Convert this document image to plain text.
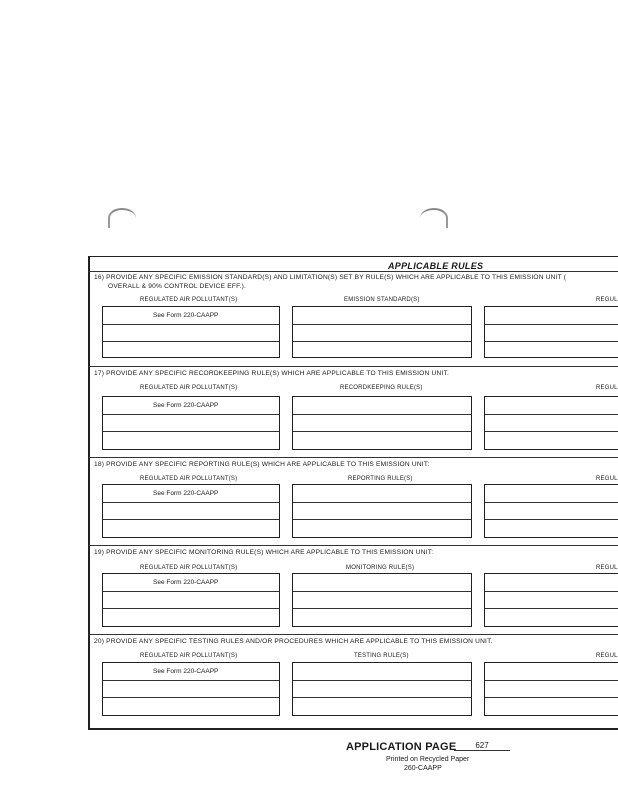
APPLICABLE RULES
16) PROVIDE ANY SPECIFIC EMISSION STANDARD(S) AND LIMITATION(S) SET BY RULE(S) WHICH ARE APPLICABLE TO THIS EMISSION UNIT (
OVERALL & 90% CONTROL DEVICE EFF.).
REGULATED AIR POLLUTANT(S)	EMISSION STANDARD(S)	REGUL
See Form 220-CAAPP
17) PROVIDE ANY SPECIFIC RECORDKEEPING RULE(S) WHICH ARE APPLICABLE TO THIS EMISSION UNIT.
REGULATED AIR POLLUTANT(S)	RECORDKEEPING RULE(S)	REGUL
See Form 220-CAAPP
18) PROVIDE ANY SPECIFIC REPORTING RULE(S) WHICH ARE APPLICABLE TO THIS EMISSION UNIT:
REGULATED AIR POLLUTANT(S)	REPORTING RULE(S)	REGUL
See Form 220-CAAPP
19) PROVIDE ANY SPECIFIC MONITORING RULE(S) WHICH ARE APPLICABLE TO THIS EMISSION UNIT:
REGULATED AIR POLLUTANT(S)	MONITORING RULE(S)	REGUL
See Form 220-CAAPP
20) PROVIDE ANY SPECIFIC TESTING RULES AND/OR PROCEDURES WHICH ARE APPLICABLE TO THIS EMISSION UNIT.
REGULATED AIR POLLUTANT(S)	TESTING RULE(S)	REGUL
See Form 220-CAAPP
APPLICATION PAGE	627
Printed on Recycled Paper
260-CAAPP
